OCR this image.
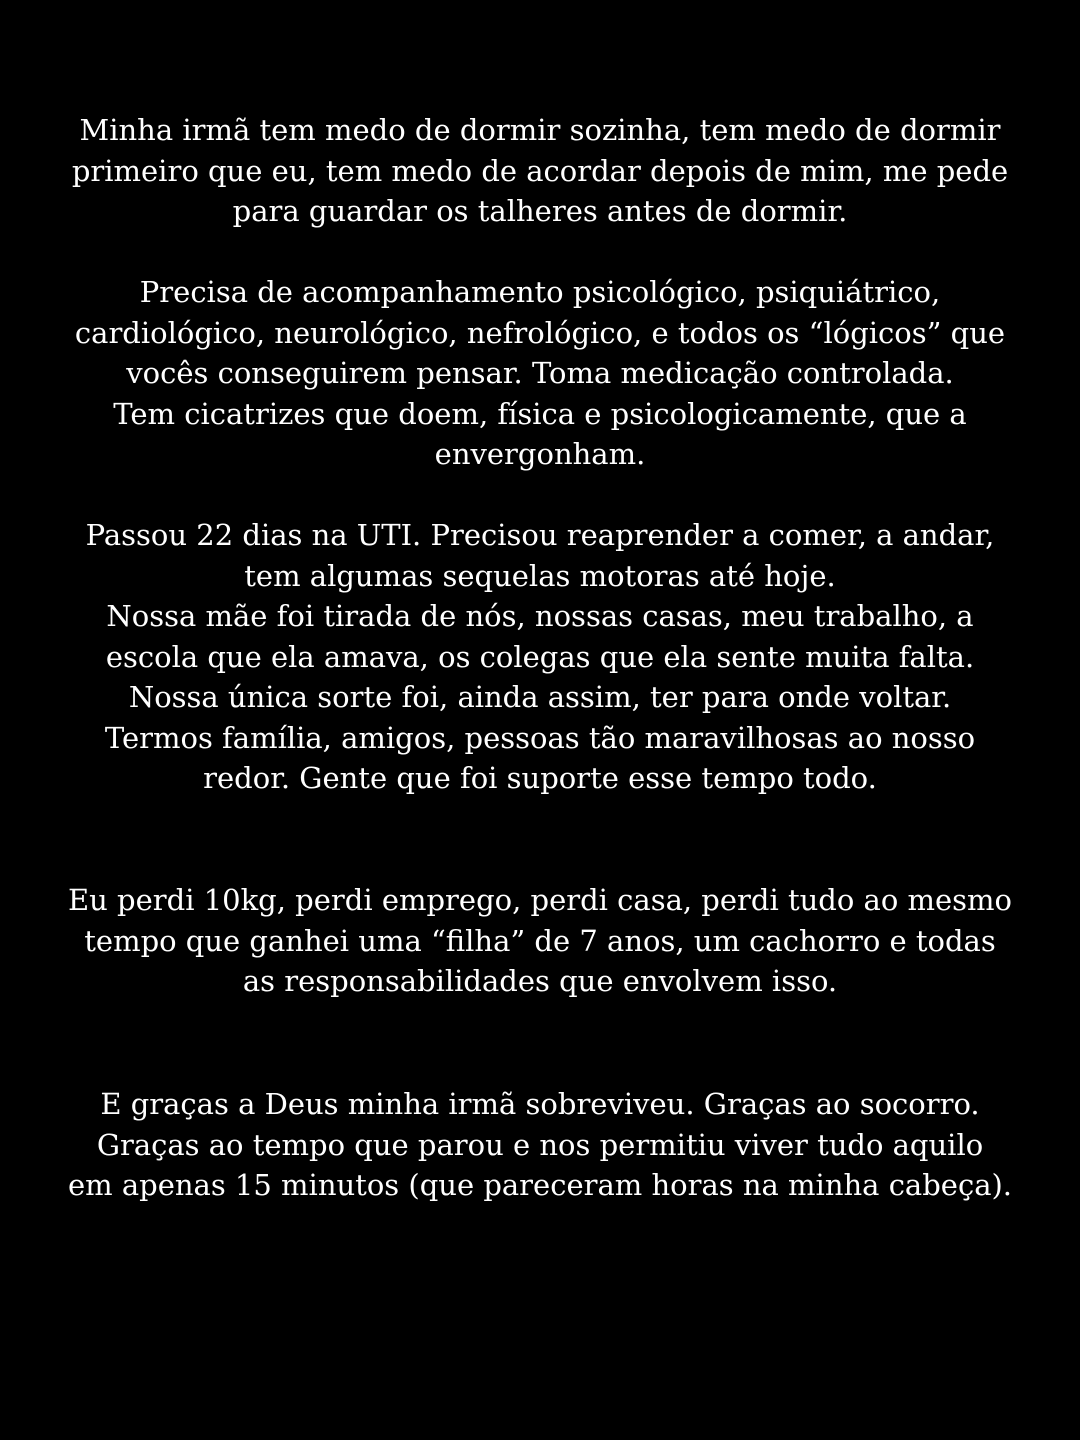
Minha irmã tem medo de dormir sozinha, tem medo de dormir
primeiro que eu, tem medo de acordar depois de mim, me pede
para guardar os talheres antes de dormir.

Precisa de acompanhamento psicológico, psiquiátrico,
cardiológico, neurológico, nefrológico, e todos os “lógicos” que
vocês conseguirem pensar. Toma medicação controlada.
Tem cicatrizes que doem, física e psicologicamente, que a
envergonham.

Passou 22 dias na UTI. Precisou reaprender a comer, a andar,
tem algumas sequelas motoras até hoje.
Nossa mãe foi tirada de nós, nossas casas, meu trabalho, a
escola que ela amava, os colegas que ela sente muita falta.
Nossa única sorte foi, ainda assim, ter para onde voltar.
Termos família, amigos, pessoas tão maravilhosas ao nosso
redor. Gente que foi suporte esse tempo todo.

Eu perdi 10kg, perdi emprego, perdi casa, perdi tudo ao mesmo
tempo que ganhei uma “filha” de 7 anos, um cachorro e todas
as responsabilidades que envolvem isso.

E graças a Deus minha irmã sobreviveu. Graças ao socorro.
Graças ao tempo que parou e nos permitiu viver tudo aquilo
em apenas 15 minutos (que pareceram horas na minha cabeça).
